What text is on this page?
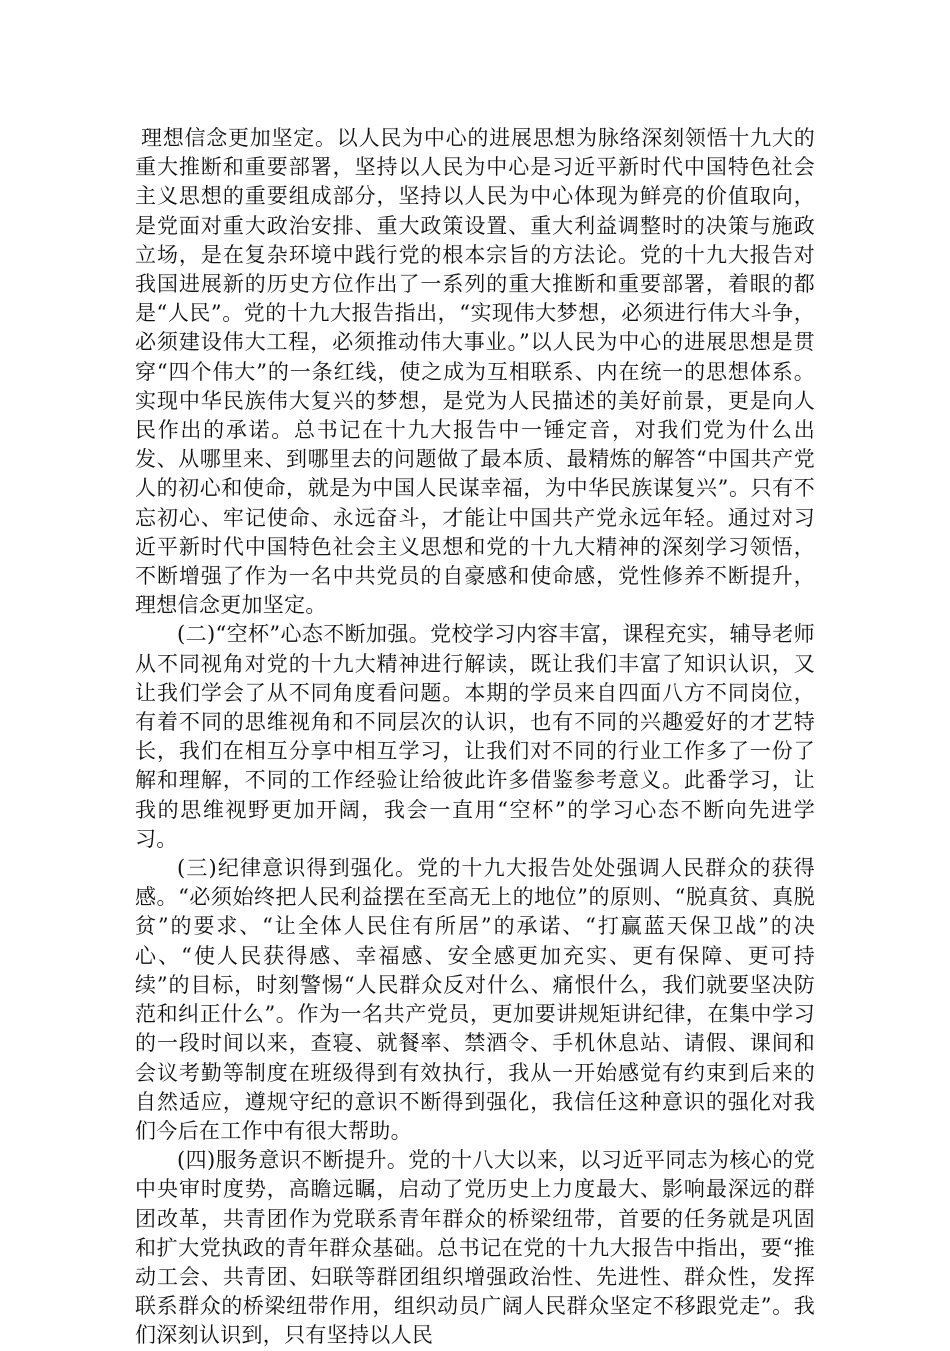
理想信念更加坚定。以人民为中心的进展思想为脉络深刻领悟十九大的重大推断和重要部署，坚持以人民为中心是习近平新时代中国特色社会主义思想的重要组成部分，坚持以人民为中心体现为鲜亮的价值取向，是党面对重大政治安排、重大政策设置、重大利益调整时的决策与施政立场，是在复杂环境中践行党的根本宗旨的方法论。党的十九大报告对我国进展新的历史方位作出了一系列的重大推断和重要部署，着眼的都是“人民”。党的十九大报告指出，“实现伟大梦想，必须进行伟大斗争，必须建设伟大工程，必须推动伟大事业。”以人民为中心的进展思想是贯穿“四个伟大”的一条红线，使之成为互相联系、内在统一的思想体系。实现中华民族伟大复兴的梦想，是党为人民描述的美好前景，更是向人民作出的承诺。总书记在十九大报告中一锤定音，对我们党为什么出发、从哪里来、到哪里去的问题做了最本质、最精炼的解答“中国共产党人的初心和使命，就是为中国人民谋幸福，为中华民族谋复兴”。只有不忘初心、牢记使命、永远奋斗，才能让中国共产党永远年轻。通过对习近平新时代中国特色社会主义思想和党的十九大精神的深刻学习领悟，不断增强了作为一名中共党员的自豪感和使命感，党性修养不断提升，理想信念更加坚定。

(二)“空杯”心态不断加强。党校学习内容丰富，课程充实，辅导老师从不同视角对党的十九大精神进行解读，既让我们丰富了知识认识，又让我们学会了从不同角度看问题。本期的学员来自四面八方不同岗位，有着不同的思维视角和不同层次的认识，也有不同的兴趣爱好的才艺特长，我们在相互分享中相互学习，让我们对不同的行业工作多了一份了解和理解，不同的工作经验让给彼此许多借鉴参考意义。此番学习，让我的思维视野更加开阔，我会一直用“空杯”的学习心态不断向先进学习。

(三)纪律意识得到强化。党的十九大报告处处强调人民群众的获得感。“必须始终把人民利益摆在至高无上的地位”的原则、“脱真贫、真脱贫”的要求、“让全体人民住有所居”的承诺、“打赢蓝天保卫战”的决心、“使人民获得感、幸福感、安全感更加充实、更有保障、更可持续”的目标，时刻警惕“人民群众反对什么、痛恨什么，我们就要坚决防范和纠正什么”。作为一名共产党员，更加要讲规矩讲纪律，在集中学习的一段时间以来，查寝、就餐率、禁酒令、手机休息站、请假、课间和会议考勤等制度在班级得到有效执行，我从一开始感觉有约束到后来的自然适应，遵规守纪的意识不断得到强化，我信任这种意识的强化对我们今后在工作中有很大帮助。

(四)服务意识不断提升。党的十八大以来，以习近平同志为核心的党中央审时度势，高瞻远瞩，启动了党历史上力度最大、影响最深远的群团改革，共青团作为党联系青年群众的桥梁纽带，首要的任务就是巩固和扩大党执政的青年群众基础。总书记在党的十九大报告中指出，要“推动工会、共青团、妇联等群团组织增强政治性、先进性、群众性，发挥联系群众的桥梁纽带作用，组织动员广阔人民群众坚定不移跟党走”。我们深刻认识到，只有坚持以人民
